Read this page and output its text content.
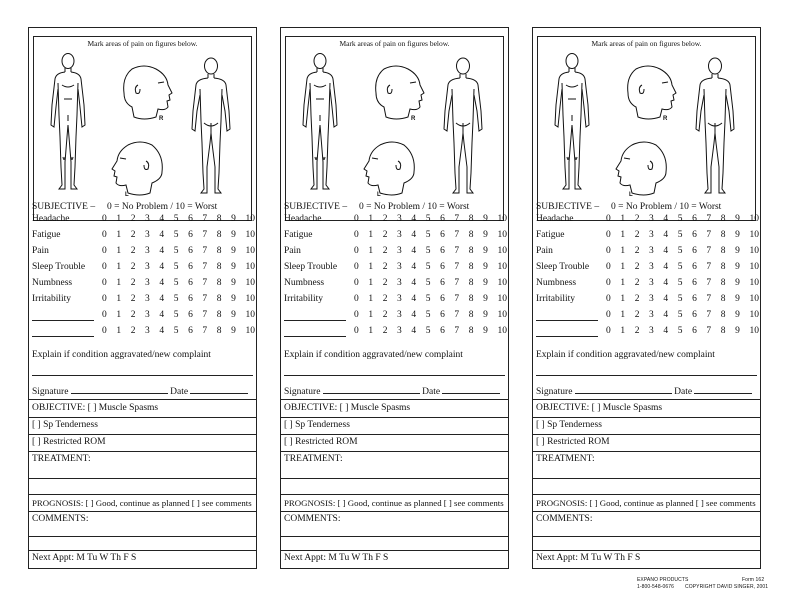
Mark areas of pain on figures below.
R
L
SUBJECTIVE – 0 = No Problem / 10 = Worst
Headache	0 1 2 3 4 5 6 7 8 9 10
Fatigue	0 1 2 3 4 5 6 7 8 9 10
Pain	0 1 2 3 4 5 6 7 8 9 10
Sleep Trouble 0 1 2 3 4 5 6 7 8 9 10
Numbness	0 1 2 3 4 5 6 7 8 9 10
Irritability	0 1 2 3 4 5 6 7 8 9 10
0 1 2 3 4 5 6 7 8 9 10
0 1 2 3 4 5 6 7 8 9 10
Explain if condition aggravated/new complaint
Signature	Date
OBJECTIVE: [ ] Muscle Spasms
[ ] Sp Tenderness
[ ] Restricted ROM
TREATMENT:
PROGNOSIS: [ ] Good, continue as planned [ ] see comments
COMMENTS:
Next Appt: M Tu W Th F S
Mark areas of pain on figures below.
R
L
SUBJECTIVE – 0 = No Problem / 10 = Worst
Headache	0 1 2 3 4 5 6 7 8 9 10
Fatigue	0 1 2 3 4 5 6 7 8 9 10
Pain	0 1 2 3 4 5 6 7 8 9 10
Sleep Trouble 0 1 2 3 4 5 6 7 8 9 10
Numbness	0 1 2 3 4 5 6 7 8 9 10
Irritability	0 1 2 3 4 5 6 7 8 9 10
0 1 2 3 4 5 6 7 8 9 10
0 1 2 3 4 5 6 7 8 9 10
Explain if condition aggravated/new complaint
Signature	Date
OBJECTIVE: [ ] Muscle Spasms
[ ] Sp Tenderness
[ ] Restricted ROM
TREATMENT:
PROGNOSIS: [ ] Good, continue as planned [ ] see comments
COMMENTS:
Next Appt: M Tu W Th F S
Mark areas of pain on figures below.
R
L
SUBJECTIVE – 0 = No Problem / 10 = Worst
Headache	0 1 2 3 4 5 6 7 8 9 10
Fatigue	0 1 2 3 4 5 6 7 8 9 10
Pain	0 1 2 3 4 5 6 7 8 9 10
Sleep Trouble 0 1 2 3 4 5 6 7 8 9 10
Numbness	0 1 2 3 4 5 6 7 8 9 10
Irritability	0 1 2 3 4 5 6 7 8 9 10
0 1 2 3 4 5 6 7 8 9 10
0 1 2 3 4 5 6 7 8 9 10
Explain if condition aggravated/new complaint
Signature	Date
OBJECTIVE: [ ] Muscle Spasms
[ ] Sp Tenderness
[ ] Restricted ROM
TREATMENT:
PROGNOSIS: [ ] Good, continue as planned [ ] see comments
COMMENTS:
Next Appt: M Tu W Th F S
EXPANO PRODUCTS	Form 162
1-800-548-0676 COPYRIGHT DAVID SINGER, 2001
